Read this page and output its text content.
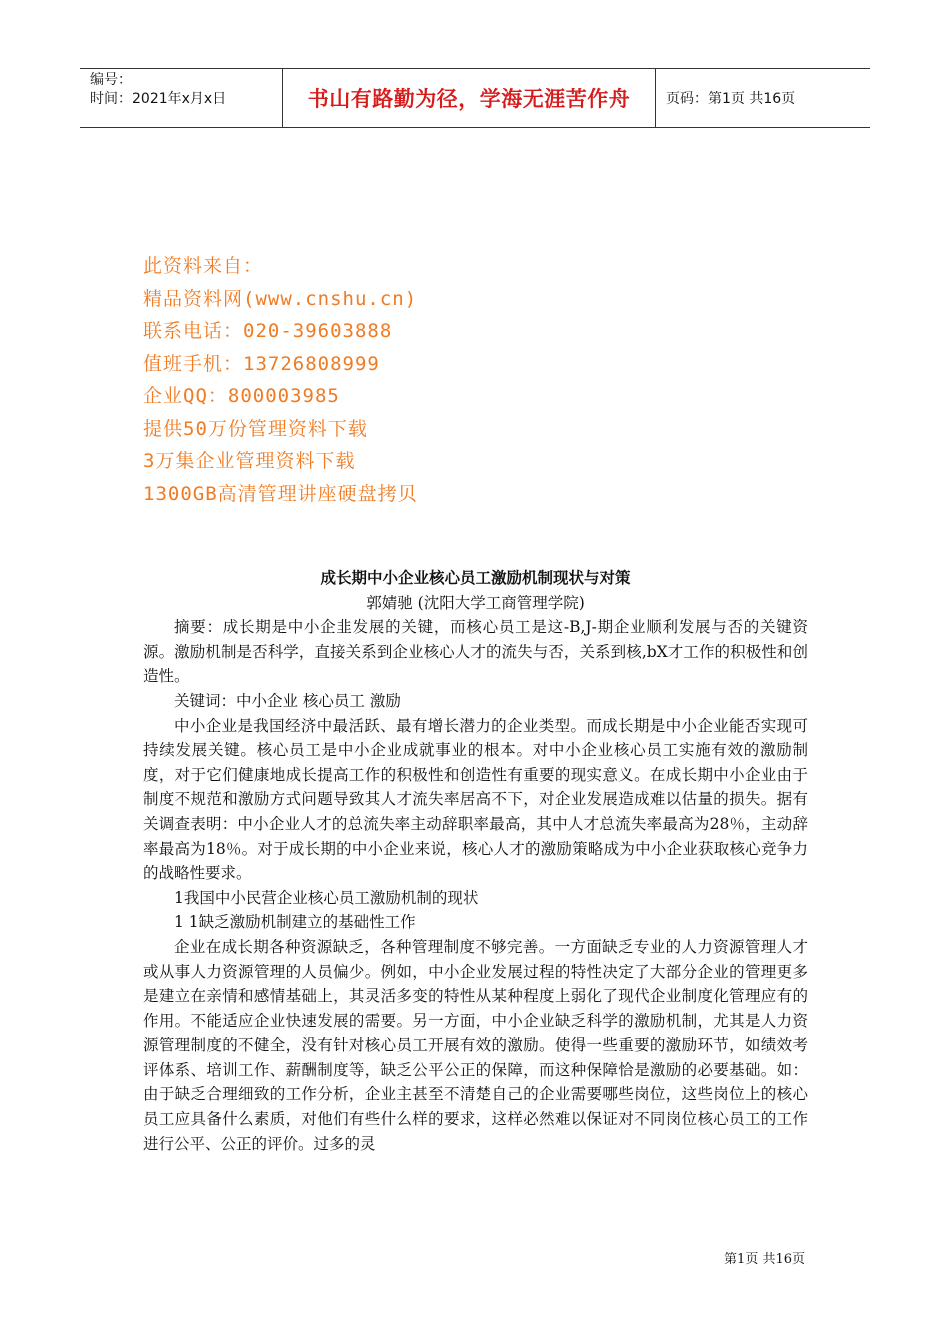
编号：
时间：2021年x月x日	书山有路勤为径，学海无涯苦作舟	页码：第1页 共16页
此资料来自：
精品资料网(www.cnshu.cn)
联系电话：020-39603888
值班手机：13726808999
企业QQ：800003985
提供50万份管理资料下载
3万集企业管理资料下载
1300GB高清管理讲座硬盘拷贝
成长期中小企业核心员工激励机制现状与对策
郭婧驰 (沈阳大学工商管理学院)

摘要：成长期是中小企韭发展的关键，而核心员工是这-B,J-期企业顺利发展与否的关键资源。激励机制是否科学，直接关系到企业核心人才的流失与否，关系到核,bX才工作的积极性和创造性。

关键词：中小企业 核心员工 激励

中小企业是我国经济中最活跃、最有增长潜力的企业类型。而成长期是中小企业能否实现可持续发展关键。核心员工是中小企业成就事业的根本。对中小企业核心员工实施有效的激励制度，对于它们健康地成长提高工作的积极性和创造性有重要的现实意义。在成长期中小企业由于制度不规范和激励方式问题导致其人才流失率居高不下，对企业发展造成难以估量的损失。据有关调查表明：中小企业人才的总流失率主动辞职率最高，其中人才总流失率最高为28％，主动辞率最高为18％。对于成长期的中小企业来说，核心人才的激励策略成为中小企业获取核心竞争力的战略性要求。

1我国中小民营企业核心员工激励机制的现状

1 1缺乏激励机制建立的基础性工作

企业在成长期各种资源缺乏，各种管理制度不够完善。一方面缺乏专业的人力资源管理人才或从事人力资源管理的人员偏少。例如，中小企业发展过程的特性决定了大部分企业的管理更多是建立在亲情和感情基础上，其灵活多变的特性从某种程度上弱化了现代企业制度化管理应有的作用。不能适应企业快速发展的需要。另一方面，中小企业缺乏科学的激励机制，尤其是人力资源管理制度的不健全，没有针对核心员工开展有效的激励。使得一些重要的激励环节，如绩效考评体系、培训工作、薪酬制度等，缺乏公平公正的保障，而这种保障恰是激励的必要基础。如：由于缺乏合理细致的工作分析，企业主甚至不清楚自己的企业需要哪些岗位，这些岗位上的核心员工应具备什么素质，对他们有些什么样的要求，这样必然难以保证对不同岗位核心员工的工作进行公平、公正的评价。过多的灵

第1页 共16页
